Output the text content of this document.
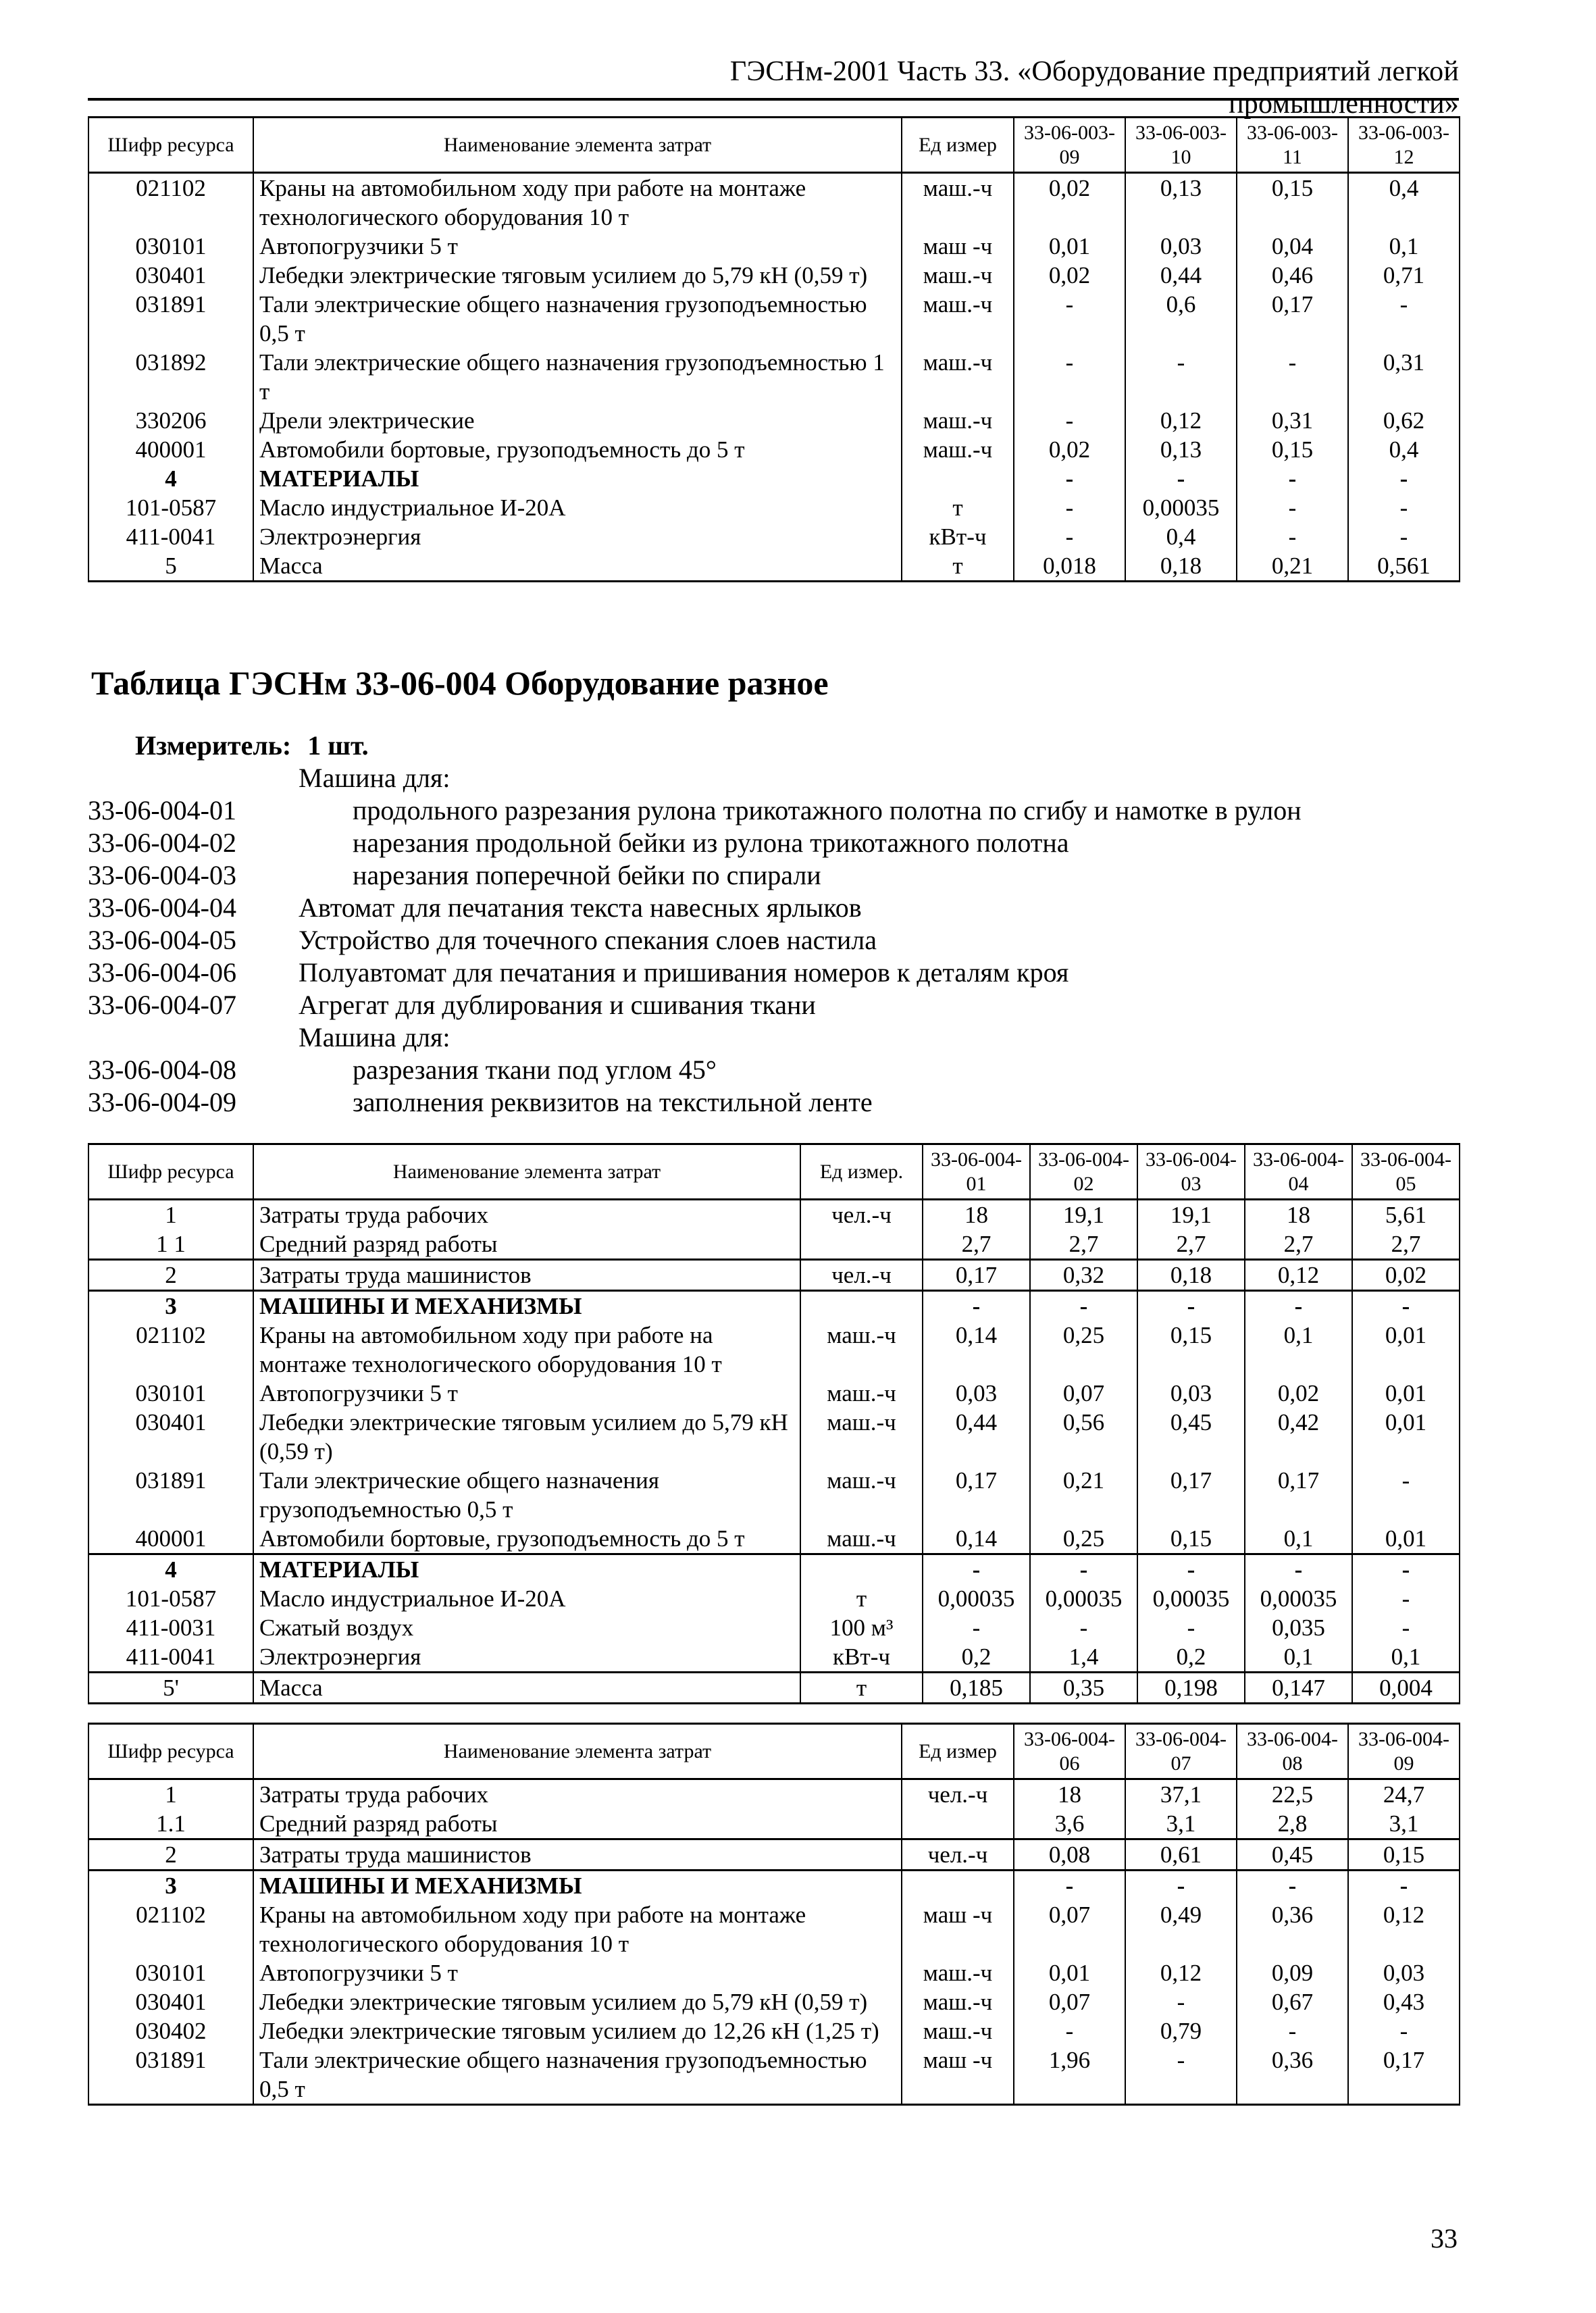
ГЭСНм-2001 Часть 33. «Оборудование предприятий легкой промышленности»
Шифр ресурса	Наименование элемента затрат	Ед измер	33-06-003-09	33-06-003-10	33-06-003-11	33-06-003-12
021102	Краны на автомобильном ходу при работе на монтаже технологического оборудования 10 т	маш.-ч	0,02	0,13	0,15	0,4
030101	Автопогрузчики 5 т	маш -ч	0,01	0,03	0,04	0,1
030401	Лебедки электрические тяговым усилием до 5,79 кН (0,59 т)	маш.-ч	0,02	0,44	0,46	0,71
031891	Тали электрические общего назначения грузоподъемностью 0,5 т	маш.-ч	-	0,6	0,17	-
031892	Тали электрические общего назначения грузоподъемностью 1 т	маш.-ч	-	-	-	0,31
330206	Дрели электрические	маш.-ч	-	0,12	0,31	0,62
400001	Автомобили бортовые, грузоподъемность до 5 т	маш.-ч	0,02	0,13	0,15	0,4
4	МАТЕРИАЛЫ		-	-	-	-
101-0587	Масло индустриальное И-20А	т	-	0,00035	-	-
411-0041	Электроэнергия	кВт-ч	-	0,4	-	-
5	Масса	т	0,018	0,18	0,21	0,561
Таблица ГЭСНм 33-06-004 Оборудование разное
Измеритель: 1 шт.
Машина для:
33-06-004-01	продольного разрезания рулона трикотажного полотна по сгибу и намотке в рулон
33-06-004-02	нарезания продольной бейки из рулона трикотажного полотна
33-06-004-03	нарезания поперечной бейки по спирали
33-06-004-04 Автомат для печатания текста навесных ярлыков
33-06-004-05 Устройство для точечного спекания слоев настила
33-06-004-06 Полуавтомат для печатания и пришивания номеров к деталям кроя
33-06-004-07 Агрегат для дублирования и сшивания ткани
Машина для:
33-06-004-08	разрезания ткани под углом 45°
33-06-004-09	заполнения реквизитов на текстильной ленте
Шифр ресурса	Наименование элемента затрат	Ед измер.	33-06-004-01	33-06-004-02	33-06-004-03	33-06-004-04	33-06-004-05
1	Затраты труда рабочих	чел.-ч	18	19,1	19,1	18	5,61
1 1	Средний разряд работы		2,7	2,7	2,7	2,7	2,7
2	Затраты труда машинистов	чел.-ч	0,17	0,32	0,18	0,12	0,02
3	МАШИНЫ И МЕХАНИЗМЫ		-	-	-	-	-
021102	Краны на автомобильном ходу при работе на монтаже технологического оборудования 10 т	маш.-ч	0,14	0,25	0,15	0,1	0,01
030101	Автопогрузчики 5 т	маш.-ч	0,03	0,07	0,03	0,02	0,01
030401	Лебедки электрические тяговым усилием до 5,79 кН (0,59 т)	маш.-ч	0,44	0,56	0,45	0,42	0,01
031891	Тали электрические общего назначения грузоподъемностью 0,5 т	маш.-ч	0,17	0,21	0,17	0,17	-
400001	Автомобили бортовые, грузоподъемность до 5 т	маш.-ч	0,14	0,25	0,15	0,1	0,01
4	МАТЕРИАЛЫ		-	-	-	-	-
101-0587	Масло индустриальное И-20А	т	0,00035	0,00035	0,00035	0,00035	-
411-0031	Сжатый воздух	100 м³	-	-	-	0,035	-
411-0041	Электроэнергия	кВт-ч	0,2	1,4	0,2	0,1	0,1
5'	Масса	т	0,185	0,35	0,198	0,147	0,004
Шифр ресурса	Наименование элемента затрат	Ед измер	33-06-004-06	33-06-004-07	33-06-004-08	33-06-004-09
1	Затраты труда рабочих	чел.-ч	18	37,1	22,5	24,7
1.1	Средний разряд работы		3,6	3,1	2,8	3,1
2	Затраты труда машинистов	чел.-ч	0,08	0,61	0,45	0,15
3	МАШИНЫ И МЕХАНИЗМЫ		-	-	-	-
021102	Краны на автомобильном ходу при работе на монтаже технологического оборудования 10 т	маш -ч	0,07	0,49	0,36	0,12
030101	Автопогрузчики 5 т	маш.-ч	0,01	0,12	0,09	0,03
030401	Лебедки электрические тяговым усилием до 5,79 кН (0,59 т)	маш.-ч	0,07	-	0,67	0,43
030402	Лебедки электрические тяговым усилием до 12,26 кН (1,25 т)	маш.-ч	-	0,79	-	-
031891	Тали электрические общего назначения грузоподъемностью 0,5 т	маш -ч	1,96	-	0,36	0,17
33
